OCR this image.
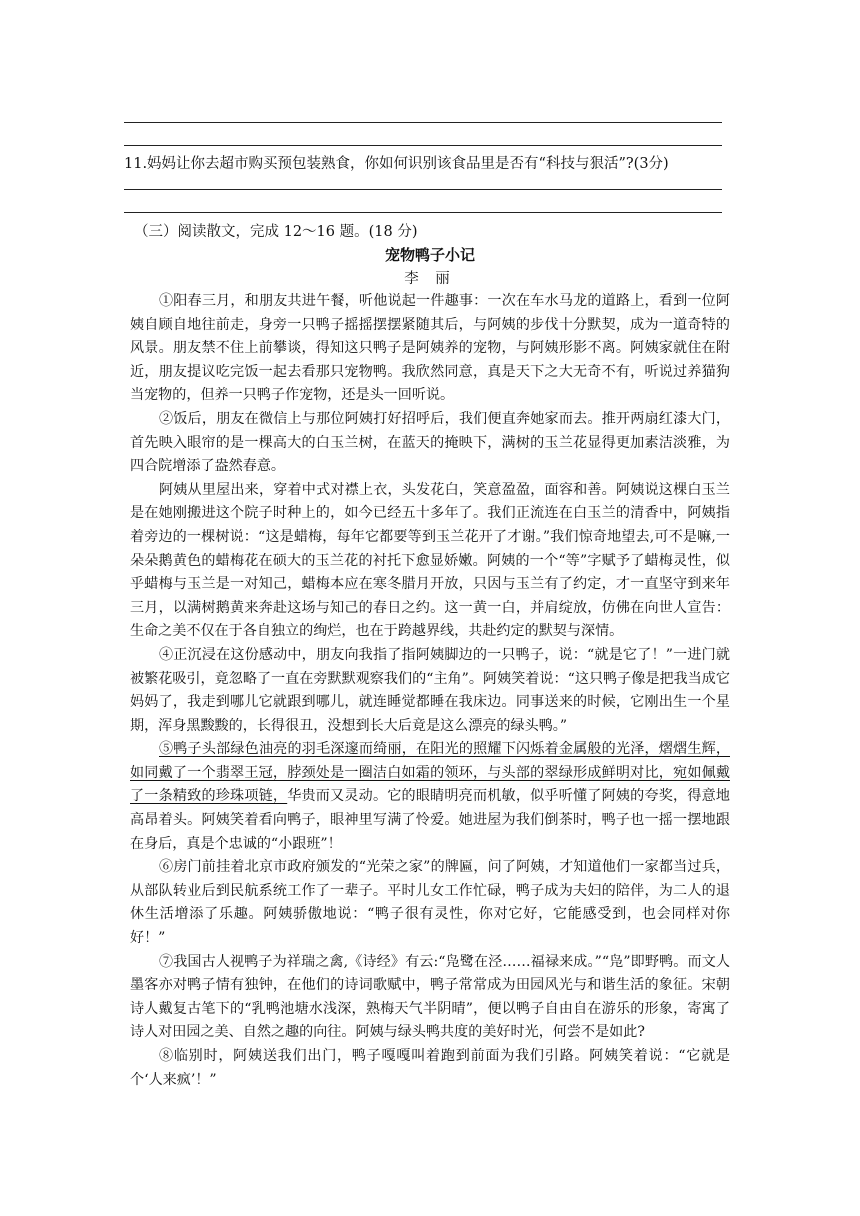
11.妈妈让你去超市购买预包装熟食，你如何识别该食品里是否有“科技与狠活”?(3分)
（三）阅读散文，完成 12～16 题。(18 分)
宠物鸭子小记
李 丽

①阳春三月，和朋友共进午餐，听他说起一件趣事：一次在车水马龙的道路上，看到一位阿姨自顾自地往前走，身旁一只鸭子摇摇摆摆紧随其后，与阿姨的步伐十分默契，成为一道奇特的风景。朋友禁不住上前攀谈，得知这只鸭子是阿姨养的宠物，与阿姨形影不离。阿姨家就住在附近，朋友提议吃完饭一起去看那只宠物鸭。我欣然同意，真是天下之大无奇不有，听说过养猫狗当宠物的，但养一只鸭子作宠物，还是头一回听说。

②饭后，朋友在微信上与那位阿姨打好招呼后，我们便直奔她家而去。推开两扇红漆大门，首先映入眼帘的是一棵高大的白玉兰树，在蓝天的掩映下，满树的玉兰花显得更加素洁淡雅，为四合院增添了盎然春意。

阿姨从里屋出来，穿着中式对襟上衣，头发花白，笑意盈盈，面容和善。阿姨说这棵白玉兰是在她刚搬进这个院子时种上的，如今已经五十多年了。我们正流连在白玉兰的清香中，阿姨指着旁边的一棵树说：“这是蜡梅，每年它都要等到玉兰花开了才谢。”我们惊奇地望去,可不是嘛,一朵朵鹅黄色的蜡梅花在硕大的玉兰花的衬托下愈显娇嫩。阿姨的一个“等”字赋予了蜡梅灵性，似乎蜡梅与玉兰是一对知己，蜡梅本应在寒冬腊月开放，只因与玉兰有了约定，才一直坚守到来年三月，以满树鹅黄来奔赴这场与知己的春日之约。这一黄一白，并肩绽放，仿佛在向世人宣告：生命之美不仅在于各自独立的绚烂，也在于跨越界线，共赴约定的默契与深情。

④正沉浸在这份感动中，朋友向我指了指阿姨脚边的一只鸭子，说：“就是它了！”一进门就被繁花吸引，竟忽略了一直在旁默默观察我们的“主角”。阿姨笑着说：“这只鸭子像是把我当成它妈妈了，我走到哪儿它就跟到哪儿，就连睡觉都睡在我床边。同事送来的时候，它刚出生一个星期，浑身黑黢黢的，长得很丑，没想到长大后竟是这么漂亮的绿头鸭。”

⑤鸭子头部绿色油亮的羽毛深邃而绮丽，在阳光的照耀下闪烁着金属般的光泽，熠熠生辉，如同戴了一个翡翠王冠，脖颈处是一圈洁白如霜的领环，与头部的翠绿形成鲜明对比，宛如佩戴了一条精致的珍珠项链，华贵而又灵动。它的眼睛明亮而机敏，似乎听懂了阿姨的夸奖，得意地高昂着头。阿姨笑着看向鸭子，眼神里写满了怜爱。她进屋为我们倒茶时，鸭子也一摇一摆地跟在身后，真是个忠诚的“小跟班”！

⑥房门前挂着北京市政府颁发的“光荣之家”的牌匾，问了阿姨，才知道他们一家都当过兵，从部队转业后到民航系统工作了一辈子。平时儿女工作忙碌，鸭子成为夫妇的陪伴，为二人的退休生活增添了乐趣。阿姨骄傲地说：“鸭子很有灵性，你对它好，它能感受到，也会同样对你好！”

⑦我国古人视鸭子为祥瑞之禽,《诗经》有云:“凫鹭在泾……福禄来成。”“凫”即野鸭。而文人墨客亦对鸭子情有独钟，在他们的诗词歌赋中，鸭子常常成为田园风光与和谐生活的象征。宋朝诗人戴复古笔下的“乳鸭池塘水浅深，熟梅天气半阴晴”，便以鸭子自由自在游乐的形象，寄寓了诗人对田园之美、自然之趣的向往。阿姨与绿头鸭共度的美好时光，何尝不是如此?

⑧临别时，阿姨送我们出门，鸭子嘎嘎叫着跑到前面为我们引路。阿姨笑着说：“它就是个‘人来疯’！”
